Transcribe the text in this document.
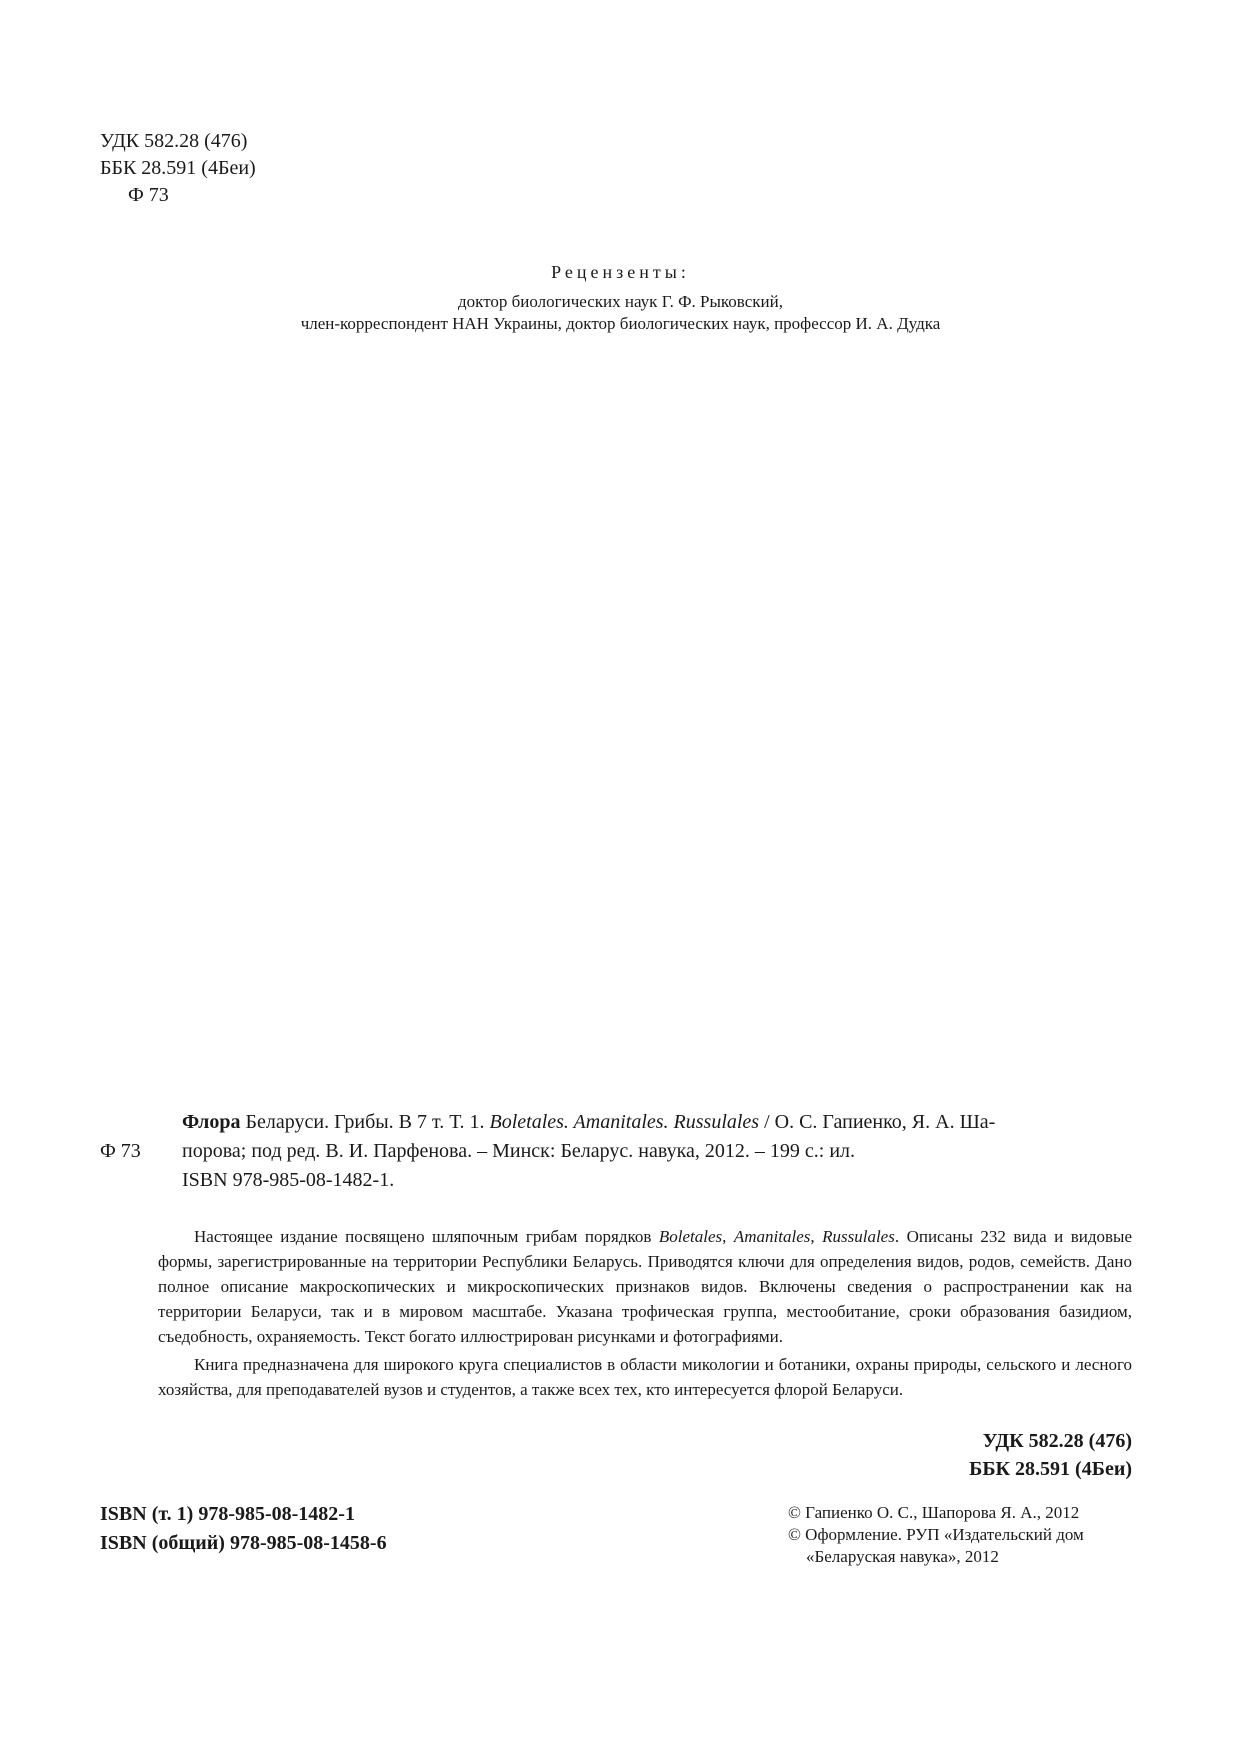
УДК 582.28 (476)
ББК 28.591 (4Беи)
Ф 73
Рецензенты:
доктор биологических наук Г. Ф. Рыковский,
член-корреспондент НАН Украины, доктор биологических наук, профессор И. А. Дудка
Флора Беларуси. Грибы. В 7 т. Т. 1. Boletales. Amanitales. Russulales / О. С. Гапиенко, Я. А. Ша-
порова; под ред. В. И. Парфенова. – Минск: Беларус. навука, 2012. – 199 с.: ил.
ISBN 978-985-08-1482-1.
Ф 73
Настоящее издание посвящено шляпочным грибам порядков Boletales, Amanitales, Russulales. Описаны 232 вида и видовые формы, зарегистрированные на территории Республики Беларусь. Приводятся ключи для определения видов, родов, семейств. Дано полное описание макроскопических и микроскопических признаков видов. Включены сведения о распространении как на территории Беларуси, так и в мировом масштабе. Указана трофическая группа, местообитание, сроки образования базидиом, съедобность, охраняемость. Текст богато иллюстрирован рисунками и фотографиями.
Книга предназначена для широкого круга специалистов в области микологии и ботаники, охраны природы, сельского и лесного хозяйства, для преподавателей вузов и студентов, а также всех тех, кто интересуется флорой Беларуси.
УДК 582.28 (476)
ББК 28.591 (4Беи)
ISBN (т. 1) 978-985-08-1482-1
ISBN (общий) 978-985-08-1458-6
© Гапиенко О. С., Шапорова Я. А., 2012
© Оформление. РУП «Издательский дом
«Беларуская навука», 2012
